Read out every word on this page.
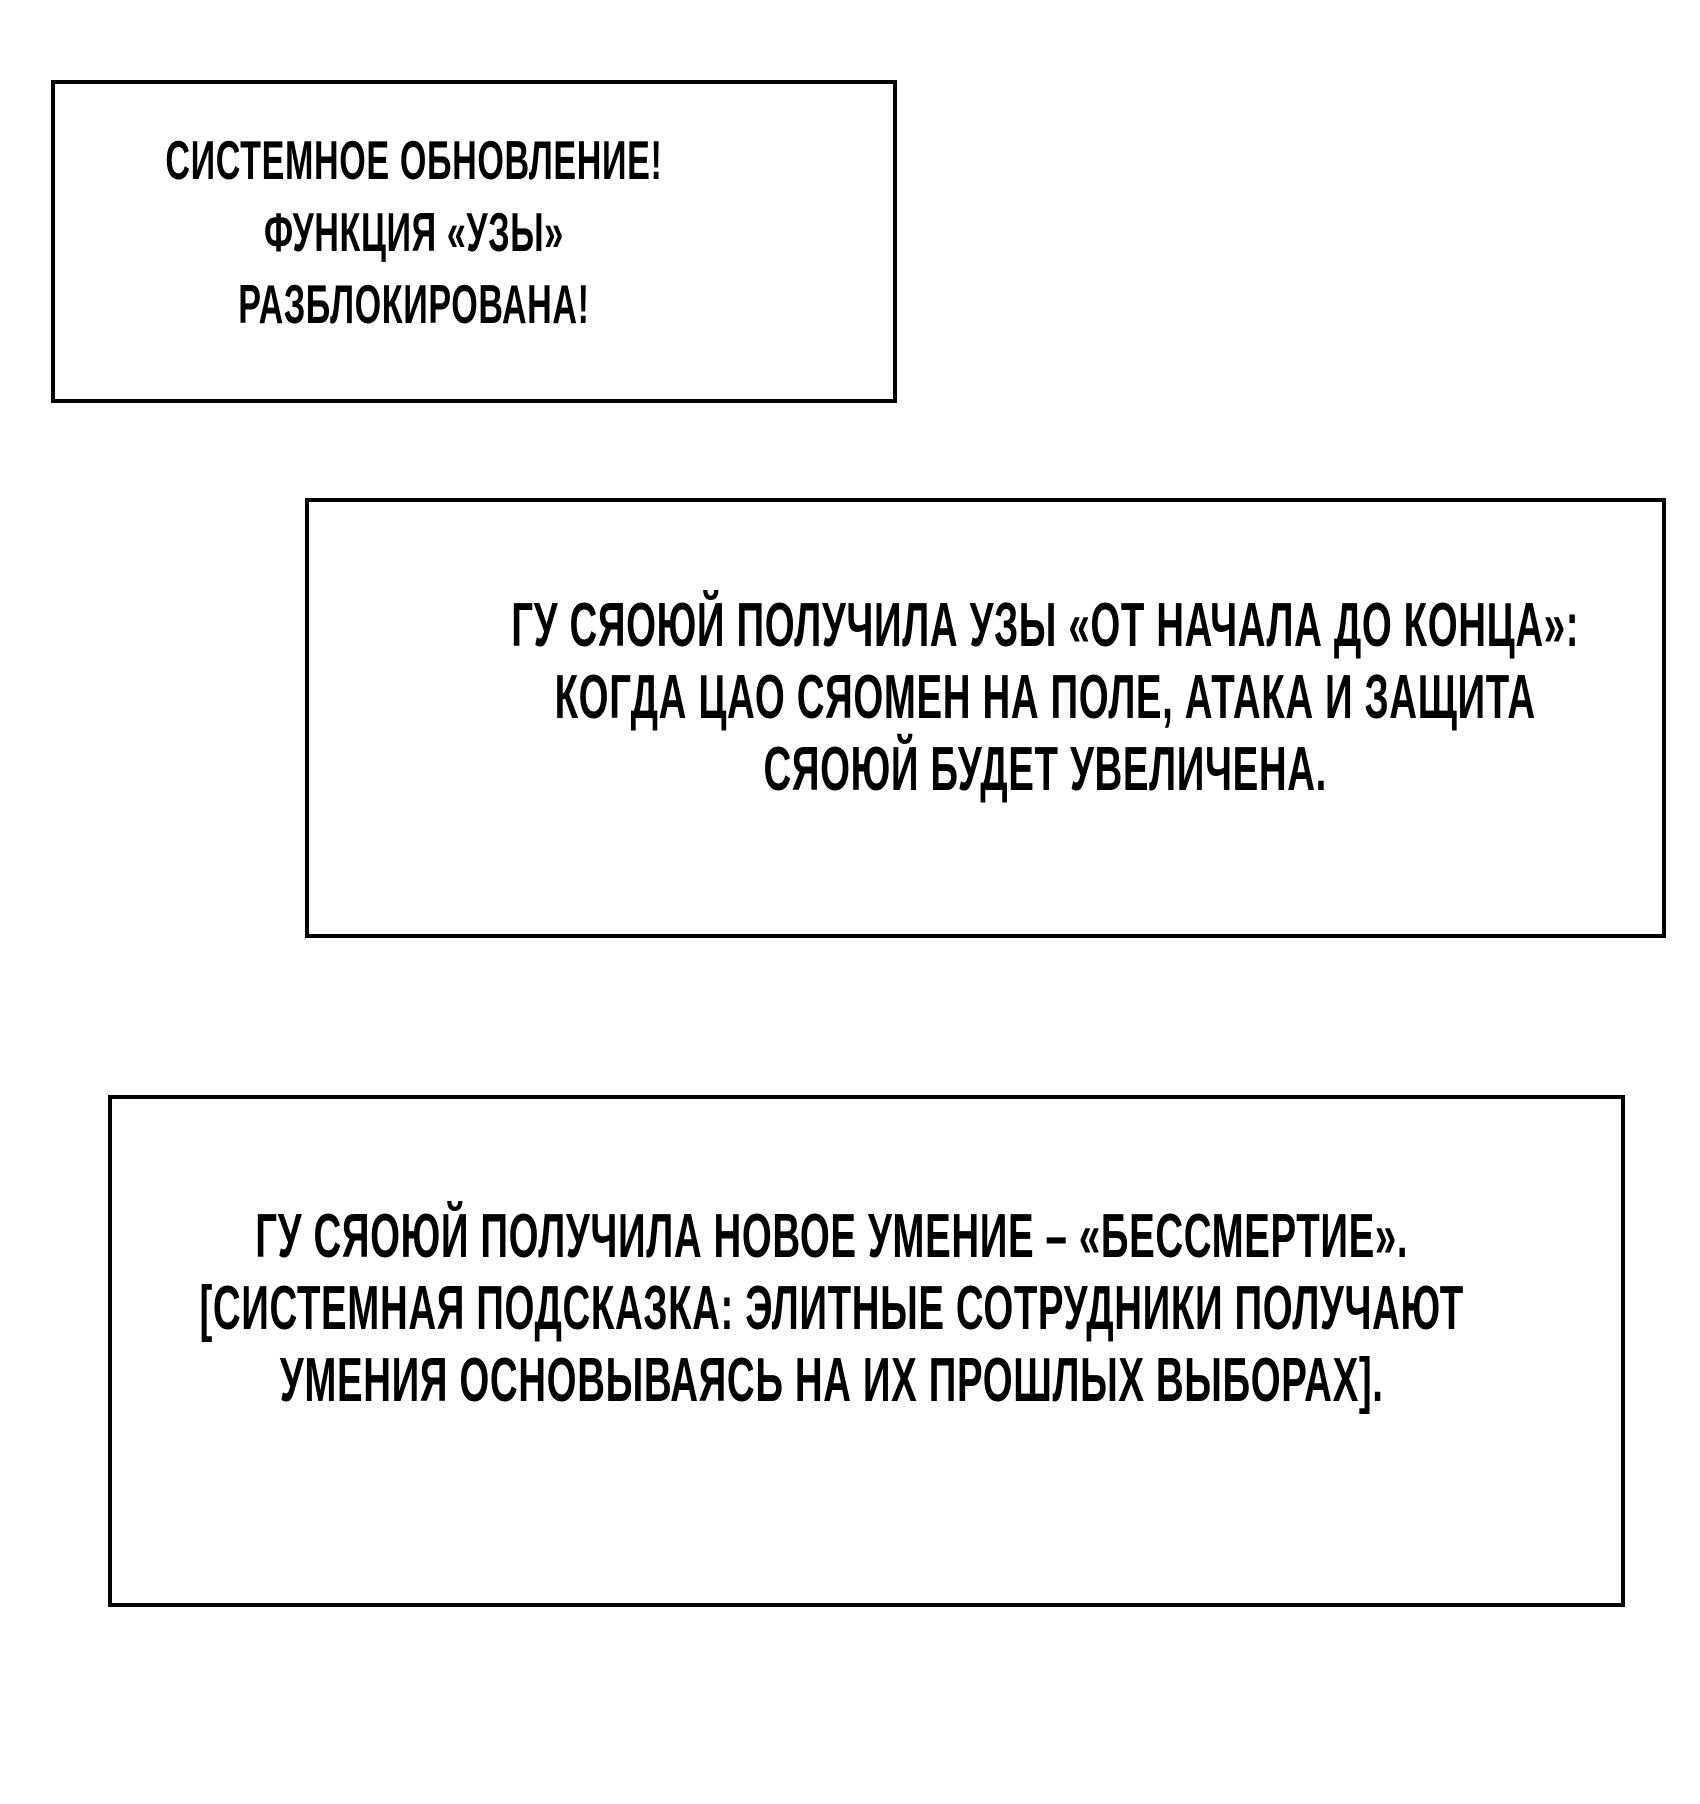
СИСТЕМНОЕ ОБНОВЛЕНИЕ!
ФУНКЦИЯ «УЗЫ»
РАЗБЛОКИРОВАНА!
ГУ СЯОЮЙ ПОЛУЧИЛА УЗЫ «ОТ НАЧАЛА ДО КОНЦА»:
КОГДА ЦАО СЯОМЕН НА ПОЛЕ, АТАКА И ЗАЩИТА
СЯОЮЙ БУДЕТ УВЕЛИЧЕНА.
ГУ СЯОЮЙ ПОЛУЧИЛА НОВОЕ УМЕНИЕ – «БЕССМЕРТИЕ».
[СИСТЕМНАЯ ПОДСКАЗКА: ЭЛИТНЫЕ СОТРУДНИКИ ПОЛУЧАЮТ
УМЕНИЯ ОСНОВЫВАЯСЬ НА ИХ ПРОШЛЫХ ВЫБОРАХ].
